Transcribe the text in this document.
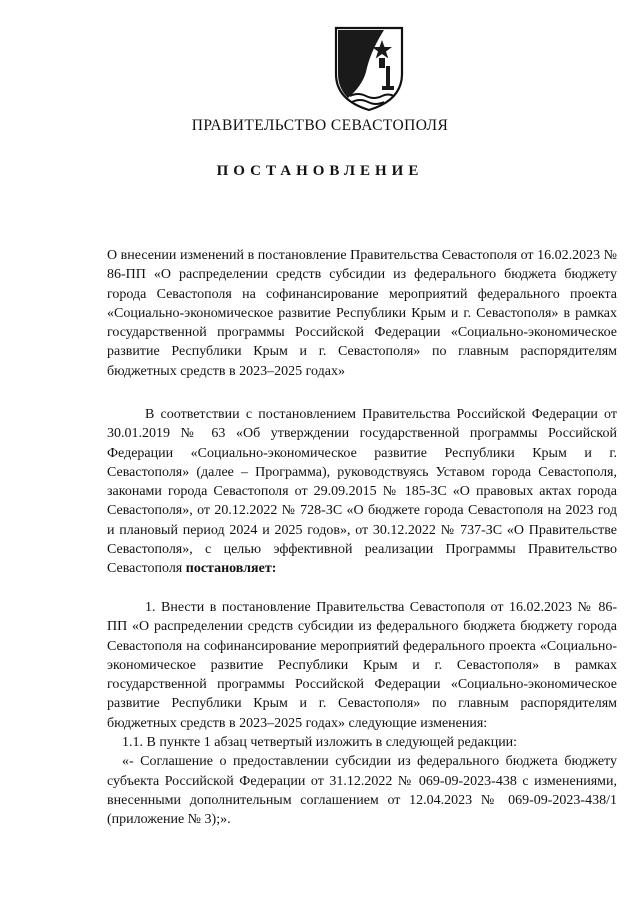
ПРАВИТЕЛЬСТВО СЕВАСТОПОЛЯ
ПОСТАНОВЛЕНИЕ

О внесении изменений в постановление Правительства Севастополя от 16.02.2023 № 86-ПП «О распределении средств субсидии из федерального бюджета бюджету города Севастополя на софинансирование мероприятий федерального проекта «Социально-экономическое развитие Республики Крым и г. Севастополя» в рамках государственной программы Российской Федерации «Социально-экономическое развитие Республики Крым и г. Севастополя» по главным распорядителям бюджетных средств в 2023–2025 годах»

В соответствии с постановлением Правительства Российской Федерации от 30.01.2019 № 63 «Об утверждении государственной программы Российской Федерации «Социально-экономическое развитие Республики Крым и г. Севастополя» (далее – Программа), руководствуясь Уставом города Севастополя, законами города Севастополя от 29.09.2015 № 185-ЗС «О правовых актах города Севастополя», от 20.12.2022 № 728-ЗС «О бюджете города Севастополя на 2023 год и плановый период 2024 и 2025 годов», от 30.12.2022 № 737-ЗС «О Правительстве Севастополя», с целью эффективной реализации Программы Правительство Севастополя постановляет:

1. Внести в постановление Правительства Севастополя от 16.02.2023 № 86-ПП «О распределении средств субсидии из федерального бюджета бюджету города Севастополя на софинансирование мероприятий федерального проекта «Социально-экономическое развитие Республики Крым и г. Севастополя» в рамках государственной программы Российской Федерации «Социально-экономическое развитие Республики Крым и г. Севастополя» по главным распорядителям бюджетных средств в 2023–2025 годах» следующие изменения:

1.1. В пункте 1 абзац четвертый изложить в следующей редакции:

«- Соглашение о предоставлении субсидии из федерального бюджета бюджету субъекта Российской Федерации от 31.12.2022 № 069-09-2023-438 с изменениями, внесенными дополнительным соглашением от 12.04.2023 № 069-09-2023-438/1 (приложение № 3);».
